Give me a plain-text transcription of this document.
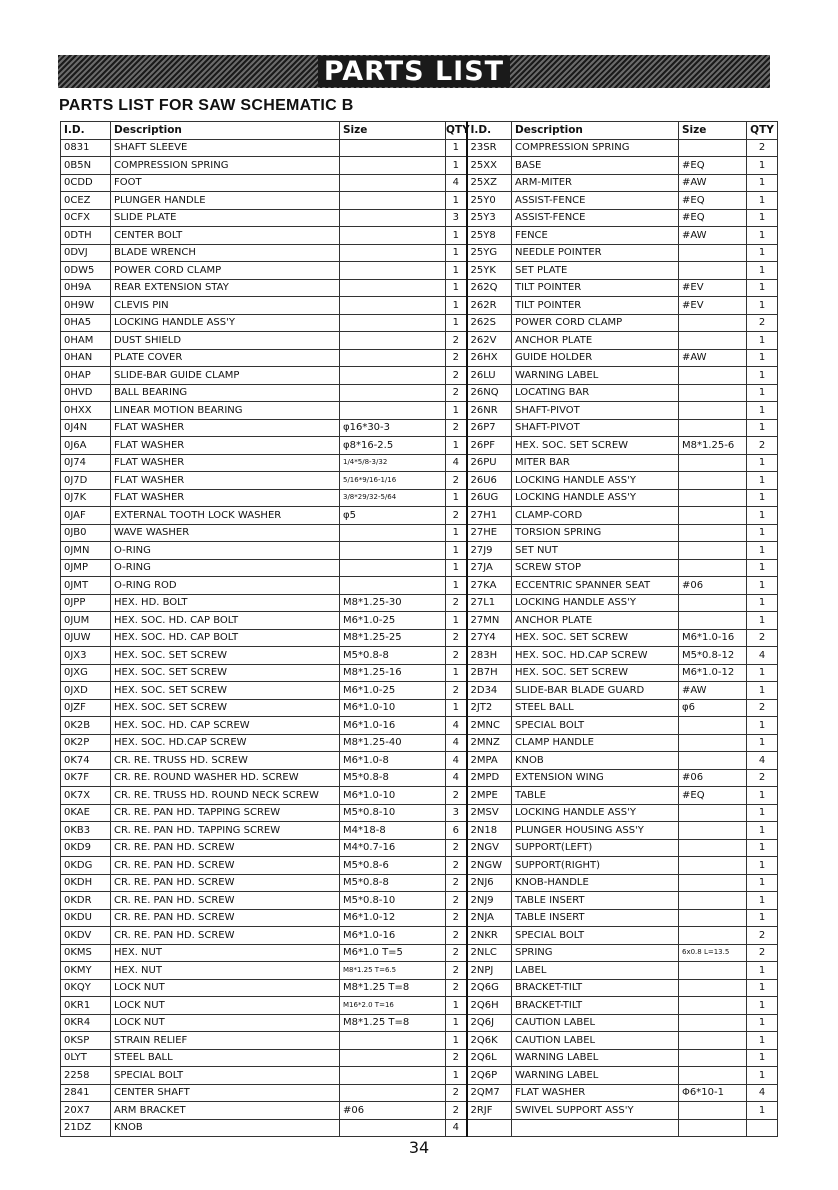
PARTS LIST
PARTS LIST FOR SAW SCHEMATIC B
I.D.	Description	Size	QTY	I.D.	Description	Size	QTY
0831	SHAFT SLEEVE		1	23SR	COMPRESSION SPRING		2
0B5N	COMPRESSION SPRING		1	25XX	BASE	#EQ	1
0CDD	FOOT		4	25XZ	ARM-MITER	#AW	1
0CEZ	PLUNGER HANDLE		1	25Y0	ASSIST-FENCE	#EQ	1
0CFX	SLIDE PLATE		3	25Y3	ASSIST-FENCE	#EQ	1
0DTH	CENTER BOLT		1	25Y8	FENCE	#AW	1
0DVJ	BLADE WRENCH		1	25YG	NEEDLE POINTER		1
0DW5	POWER CORD CLAMP		1	25YK	SET PLATE		1
0H9A	REAR EXTENSION STAY		1	262Q	TILT POINTER	#EV	1
0H9W	CLEVIS PIN		1	262R	TILT POINTER	#EV	1
0HA5	LOCKING HANDLE ASS'Y		1	262S	POWER CORD CLAMP		2
0HAM	DUST SHIELD		2	262V	ANCHOR PLATE		1
0HAN	PLATE COVER		2	26HX	GUIDE HOLDER	#AW	1
0HAP	SLIDE-BAR GUIDE CLAMP		2	26LU	WARNING LABEL		1
0HVD	BALL BEARING		2	26NQ	LOCATING BAR		1
0HXX	LINEAR MOTION BEARING		1	26NR	SHAFT-PIVOT		1
0J4N	FLAT WASHER	φ16*30-3	2	26P7	SHAFT-PIVOT		1
0J6A	FLAT WASHER	φ8*16-2.5	1	26PF	HEX. SOC. SET SCREW	M8*1.25-6	2
0J74	FLAT WASHER	1/4*5/8-3/32	4	26PU	MITER BAR		1
0J7D	FLAT WASHER	5/16*9/16-1/16	2	26U6	LOCKING HANDLE ASS'Y		1
0J7K	FLAT WASHER	3/8*29/32-5/64	1	26UG	LOCKING HANDLE ASS'Y		1
0JAF	EXTERNAL TOOTH LOCK WASHER	φ5	2	27H1	CLAMP-CORD		1
0JB0	WAVE WASHER		1	27HE	TORSION SPRING		1
0JMN	O-RING		1	27J9	SET NUT		1
0JMP	O-RING		1	27JA	SCREW STOP		1
0JMT	O-RING ROD		1	27KA	ECCENTRIC SPANNER SEAT	#06	1
0JPP	HEX. HD. BOLT	M8*1.25-30	2	27L1	LOCKING HANDLE ASS'Y		1
0JUM	HEX. SOC. HD. CAP BOLT	M6*1.0-25	1	27MN	ANCHOR PLATE		1
0JUW	HEX. SOC. HD. CAP BOLT	M8*1.25-25	2	27Y4	HEX. SOC. SET SCREW	M6*1.0-16	2
0JX3	HEX. SOC. SET SCREW	M5*0.8-8	2	283H	HEX. SOC. HD.CAP SCREW	M5*0.8-12	4
0JXG	HEX. SOC. SET SCREW	M8*1.25-16	1	2B7H	HEX. SOC. SET SCREW	M6*1.0-12	1
0JXD	HEX. SOC. SET SCREW	M6*1.0-25	2	2D34	SLIDE-BAR BLADE GUARD	#AW	1
0JZF	HEX. SOC. SET SCREW	M6*1.0-10	1	2JT2	STEEL BALL	φ6	2
0K2B	HEX. SOC. HD. CAP SCREW	M6*1.0-16	4	2MNC	SPECIAL BOLT		1
0K2P	HEX. SOC. HD.CAP SCREW	M8*1.25-40	4	2MNZ	CLAMP HANDLE		1
0K74	CR. RE. TRUSS HD. SCREW	M6*1.0-8	4	2MPA	KNOB		4
0K7F	CR. RE. ROUND WASHER HD. SCREW	M5*0.8-8	4	2MPD	EXTENSION WING	#06	2
0K7X	CR. RE. TRUSS HD. ROUND NECK SCREW	M6*1.0-10	2	2MPE	TABLE	#EQ	1
0KAE	CR. RE. PAN HD. TAPPING SCREW	M5*0.8-10	3	2MSV	LOCKING HANDLE ASS'Y		1
0KB3	CR. RE. PAN HD. TAPPING SCREW	M4*18-8	6	2N18	PLUNGER HOUSING ASS'Y		1
0KD9	CR. RE. PAN HD. SCREW	M4*0.7-16	2	2NGV	SUPPORT(LEFT)		1
0KDG	CR. RE. PAN HD. SCREW	M5*0.8-6	2	2NGW	SUPPORT(RIGHT)		1
0KDH	CR. RE. PAN HD. SCREW	M5*0.8-8	2	2NJ6	KNOB-HANDLE		1
0KDR	CR. RE. PAN HD. SCREW	M5*0.8-10	2	2NJ9	TABLE INSERT		1
0KDU	CR. RE. PAN HD. SCREW	M6*1.0-12	2	2NJA	TABLE INSERT		1
0KDV	CR. RE. PAN HD. SCREW	M6*1.0-16	2	2NKR	SPECIAL BOLT		2
0KMS	HEX. NUT	M6*1.0 T=5	2	2NLC	SPRING	6x0.8 L=13.5	2
0KMY	HEX. NUT	M8*1.25 T=6.5	2	2NPJ	LABEL		1
0KQY	LOCK NUT	M8*1.25 T=8	2	2Q6G	BRACKET-TILT		1
0KR1	LOCK NUT	M16*2.0 T=16	1	2Q6H	BRACKET-TILT		1
0KR4	LOCK NUT	M8*1.25 T=8	1	2Q6J	CAUTION LABEL		1
0KSP	STRAIN RELIEF		1	2Q6K	CAUTION LABEL		1
0LYT	STEEL BALL		2	2Q6L	WARNING LABEL		1
2258	SPECIAL BOLT		1	2Q6P	WARNING LABEL		1
2841	CENTER SHAFT		2	2QM7	FLAT WASHER	Φ6*10-1	4
20X7	ARM BRACKET	#06	2	2RJF	SWIVEL SUPPORT ASS'Y		1
21DZ	KNOB		4				
34
